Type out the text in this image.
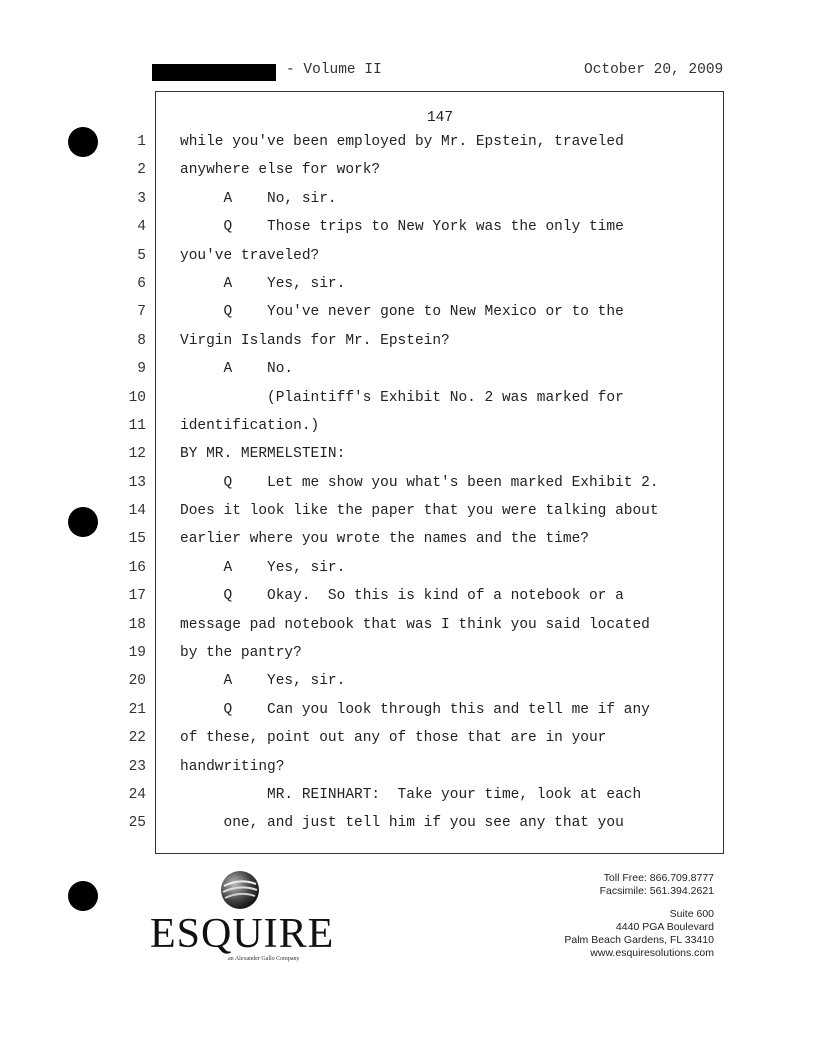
- Volume II	October 20, 2009
147
1 while you've been employed by Mr. Epstein, traveled
2 anywhere else for work?
3 A    No, sir.
4 Q    Those trips to New York was the only time
5 you've traveled?
6 A    Yes, sir.
7 Q    You've never gone to New Mexico or to the
8 Virgin Islands for Mr. Epstein?
9 A    No.
10 (Plaintiff's Exhibit No. 2 was marked for
11 identification.)
12 BY MR. MERMELSTEIN:
13 Q    Let me show you what's been marked Exhibit 2.
14 Does it look like the paper that you were talking about
15 earlier where you wrote the names and the time?
16 A    Yes, sir.
17 Q    Okay.  So this is kind of a notebook or a
18 message pad notebook that was I think you said located
19 by the pantry?
20 A    Yes, sir.
21 Q    Can you look through this and tell me if any
22 of these, point out any of those that are in your
23 handwriting?
24 MR. REINHART:  Take your time, look at each
25 one, and just tell him if you see any that you
ESQUIRE
an Alexander Gallo Company
Toll Free: 866.709.8777
Facsimile: 561.394.2621
Suite 600
4440 PGA Boulevard
Palm Beach Gardens, FL 33410
www.esquiresolutions.com
